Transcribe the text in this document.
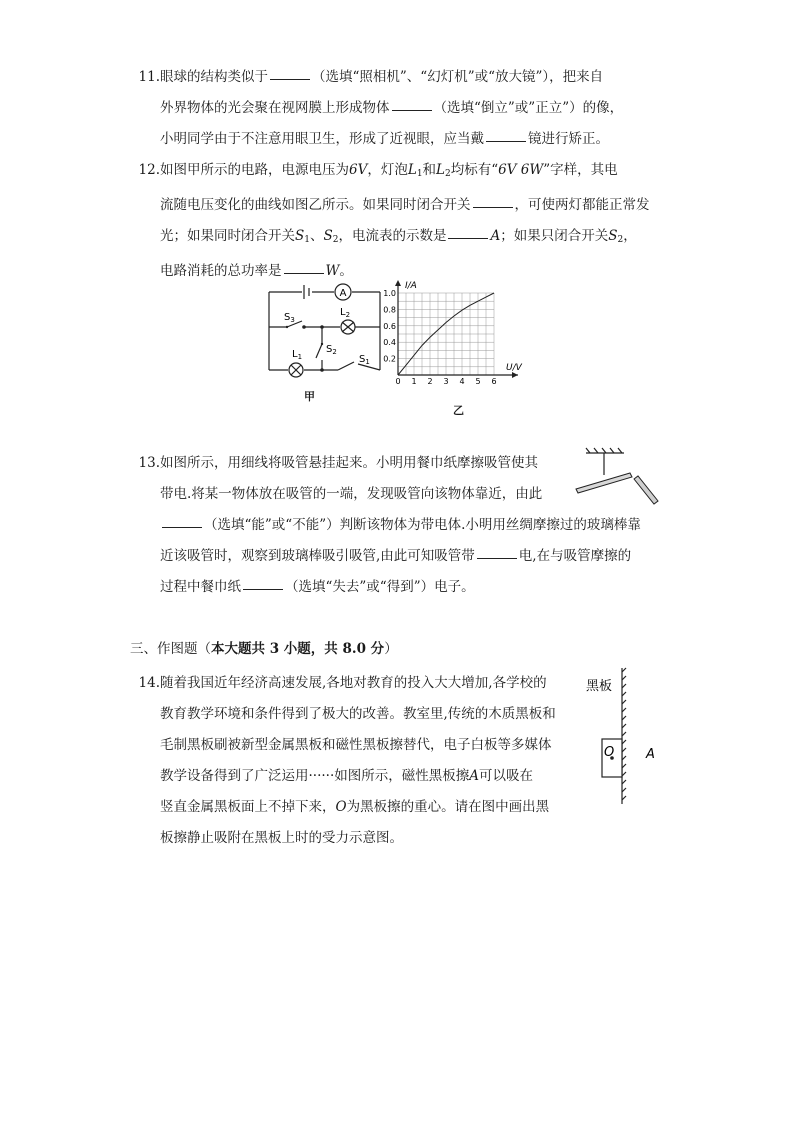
11. 眼球的结构类似于	（选填“照相机”、“幻灯机”或“放大镜”），把来自
外界物体的光会聚在视网膜上形成物体	（选填“倒立”或”正立”）的像，
小明同学由于不注意用眼卫生，形成了近视眼，应当戴	镜进行矫正。
12. 如图甲所示的电路，电源电压为6V，灯泡$L_1$和$L_2$均标有“6V 6W”字样，其电
流随电压变化的曲线如图乙所示。如果同时闭合开关	，可使两灯都能正常发
光；如果同时闭合开关$S_1$、$S_2$，电流表的示数是	A；如果只闭合开关$S_2$，
电路消耗的总功率是	W。
A
$S_3$
$L_2$
$L_1$
$S_2$
$S_1$
甲
0 1 2 3 4 5 6
0.2
0.4
0.6
0.8
1.0
U/V
I/A
乙
13. 如图所示，用细线将吸管悬挂起来。小明用餐巾纸摩擦吸管使其
带电.将某一物体放在吸管的一端，发现吸管向该物体靠近，由此
（选填“能”或“不能”）判断该物体为带电体.小明用丝绸摩擦过的玻璃棒靠
近该吸管时，观察到玻璃棒吸引吸管,由此可知吸管带	电,在与吸管摩擦的
过程中餐巾纸	（选填“失去”或“得到”）电子。
三、作图题（本大题共 3 小题，共 8.0 分）
14. 随着我国近年经济高速发展,各地对教育的投入大大增加,各学校的
教育教学环境和条件得到了极大的改善。教室里,传统的木质黑板和
毛制黑板刷被新型金属黑板和磁性黑板擦替代，电子白板等多媒体
教学设备得到了广泛运用······如图所示，磁性黑板擦A可以吸在
竖直金属黑板面上不掉下来，O为黑板擦的重心。请在图中画出黑
板擦静止吸附在黑板上时的受力示意图。
黑板
O A
